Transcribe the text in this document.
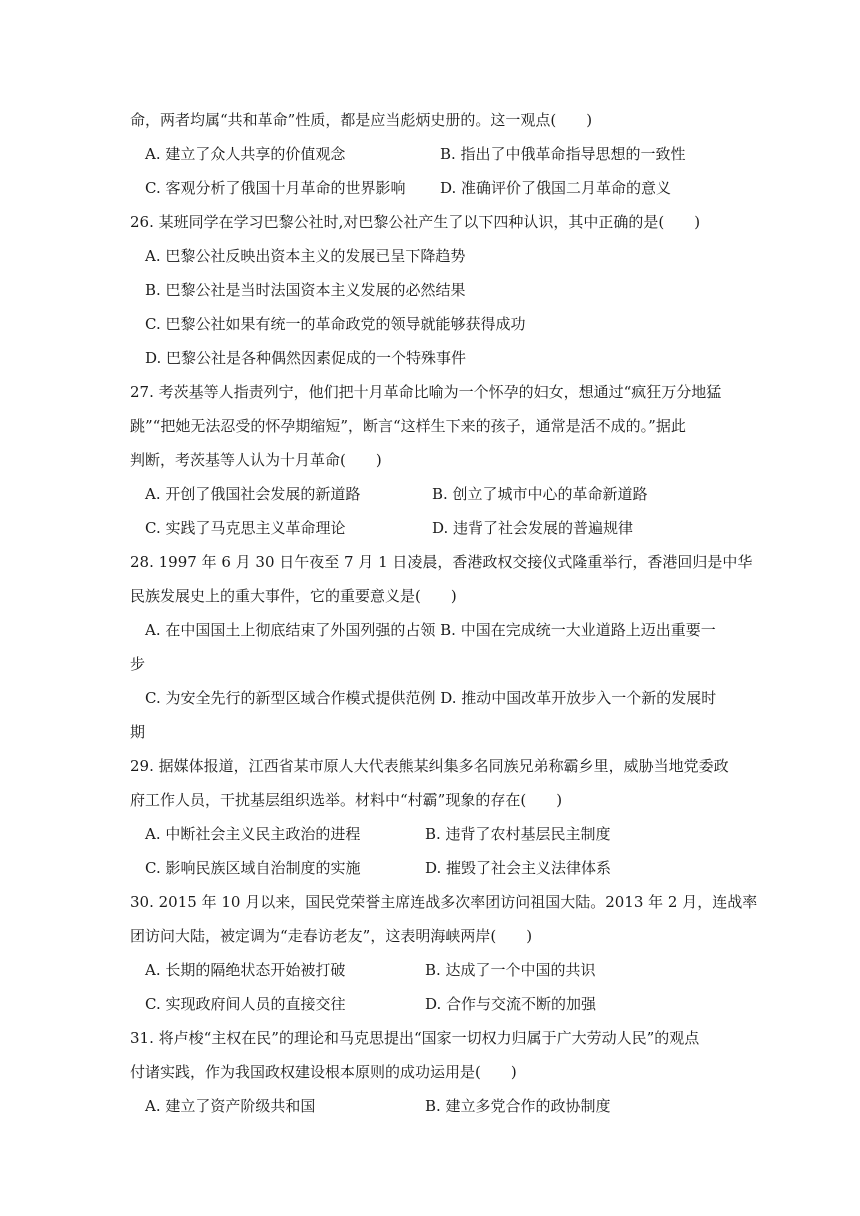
命，两者均属“共和革命”性质，都是应当彪炳史册的。这一观点(　　)
A. 建立了众人共享的价值观念	B. 指出了中俄革命指导思想的一致性
C. 客观分析了俄国十月革命的世界影响 D. 准确评价了俄国二月革命的意义
26. 某班同学在学习巴黎公社时,对巴黎公社产生了以下四种认识，其中正确的是(　　)
A. 巴黎公社反映出资本主义的发展已呈下降趋势
B. 巴黎公社是当时法国资本主义发展的必然结果
C. 巴黎公社如果有统一的革命政党的领导就能够获得成功
D. 巴黎公社是各种偶然因素促成的一个特殊事件
27. 考茨基等人指责列宁，他们把十月革命比喻为一个怀孕的妇女，想通过“疯狂万分地猛
跳”“把她无法忍受的怀孕期缩短”，断言“这样生下来的孩子，通常是活不成的。”据此
判断，考茨基等人认为十月革命(　　)
A. 开创了俄国社会发展的新道路	B. 创立了城市中心的革命新道路
C. 实践了马克思主义革命理论	D. 违背了社会发展的普遍规律
28. 1997 年 6 月 30 日午夜至 7 月 1 日凌晨，香港政权交接仪式隆重举行，香港回归是中华
民族发展史上的重大事件，它的重要意义是(　　)
A. 在中国国土上彻底结束了外国列强的占领 B. 中国在完成统一大业道路上迈出重要一
步
C. 为安全先行的新型区域合作模式提供范例 D. 推动中国改革开放步入一个新的发展时
期
29. 据媒体报道，江西省某市原人大代表熊某纠集多名同族兄弟称霸乡里，威胁当地党委政
府工作人员，干扰基层组织选举。材料中“村霸”现象的存在(　　)
A. 中断社会主义民主政治的进程	B. 违背了农村基层民主制度
C. 影响民族区域自治制度的实施	D. 摧毁了社会主义法律体系
30. 2015 年 10 月以来，国民党荣誉主席连战多次率团访问祖国大陆。2013 年 2 月，连战率
团访问大陆，被定调为“走春访老友”，这表明海峡两岸(　　)
A. 长期的隔绝状态开始被打破	B. 达成了一个中国的共识
C. 实现政府间人员的直接交往	D. 合作与交流不断的加强
31. 将卢梭“主权在民”的理论和马克思提出“国家一切权力归属于广大劳动人民”的观点
付诸实践，作为我国政权建设根本原则的成功运用是(　　)
A. 建立了资产阶级共和国	B. 建立多党合作的政协制度
